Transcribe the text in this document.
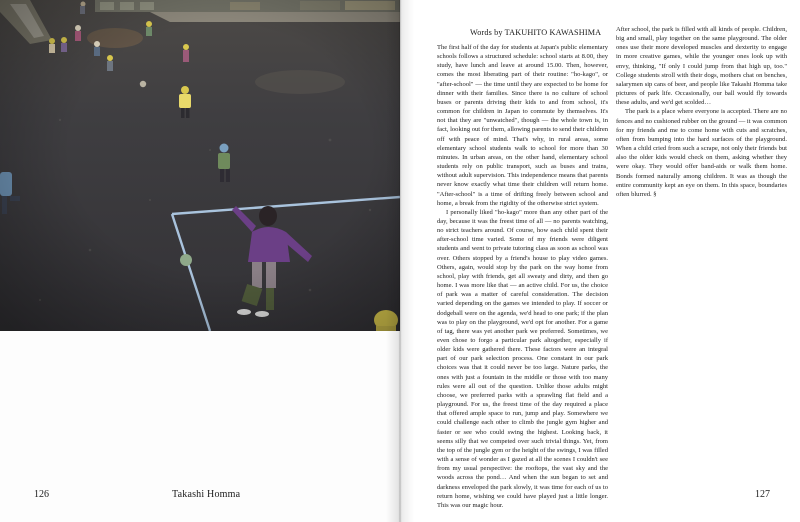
126	Takashi Homma
Words by TAKUHITO KAWASHIMA

The first half of the day for students at Japan's public elementary schools follows a structured schedule: school starts at 8.00, they study, have lunch and leave at around 15.00. Then, however, comes the most liberating part of their routine: "ho-kago", or "after-school" — the time until they are expected to be home for dinner with their families. Since there is no culture of school buses or parents driving their kids to and from school, it's common for children in Japan to commute by themselves. It's not that they are "unwatched", though — the whole town is, in fact, looking out for them, allowing parents to send their children off with peace of mind. That's why, in rural areas, some elementary school students walk to school for more than 30 minutes. In urban areas, on the other hand, elementary school students rely on public transport, such as buses and trains, without adult supervision. This independence means that parents never know exactly what time their children will return home. "After-school" is a time of drifting freely between school and home, a break from the rigidity of the otherwise strict system.

I personally liked "ho-kago" more than any other part of the day, because it was the freest time of all — no parents watching, no strict teachers around. Of course, how each child spent their after-school time varied. Some of my friends were diligent students and went to private tutoring class as soon as school was over. Others stopped by a friend's house to play video games. Others, again, would stop by the park on the way home from school, play with friends, get all sweaty and dirty, and then go home. I was more like that — an active child. For us, the choice of park was a matter of careful consideration. The decision varied depending on the games we intended to play. If soccer or dodgeball were on the agenda, we'd head to one park; if the plan was to play on the playground, we'd opt for another. For a game of tag, there was yet another park we preferred. Sometimes, we even chose to forgo a particular park altogether, especially if older kids were gathered there. These factors were an integral part of our park selection process. One constant in our park choices was that it could never be too large. Nature parks, the ones with just a fountain in the middle or those with too many rules were all out of the question. Unlike those adults might choose, we preferred parks with a sprawling flat field and a playground. For us, the freest time of the day required a place that offered ample space to run, jump and play. Somewhere we could challenge each other to climb the jungle gym higher and faster or see who could swing the highest. Looking back, it seems silly that we competed over such trivial things. Yet, from the top of the jungle gym or the height of the swings, I was filled with a sense of wonder as I gazed at all the scenes I couldn't see from my usual perspective: the rooftops, the vast sky and the woods across the pond… And when the sun began to set and darkness enveloped the park slowly, it was time for each of us to return home, wishing we could have played just a little longer. This was our magic hour.

After school, the park is filled with all kinds of people. Children, big and small, play together on the same playground. The older ones use their more developed muscles and dexterity to engage in more creative games, while the younger ones look up with envy, thinking, "If only I could jump from that high up, too." College students stroll with their dogs, mothers chat on benches, salarymen sip cans of beer, and people like Takashi Homma take pictures of park life. Occasionally, our ball would fly towards these adults, and we'd get scolded…

The park is a place where everyone is accepted. There are no fences and no cushioned rubber on the ground — it was common for my friends and me to come home with cuts and scratches, often from bumping into the hard surfaces of the playground. When a child cried from such a scrape, not only their friends but also the older kids would check on them, asking whether they were okay. They would offer band-aids or walk them home. Bonds formed naturally among children. It was as though the entire community kept an eye on them. In this space, boundaries often blurred. §

127
